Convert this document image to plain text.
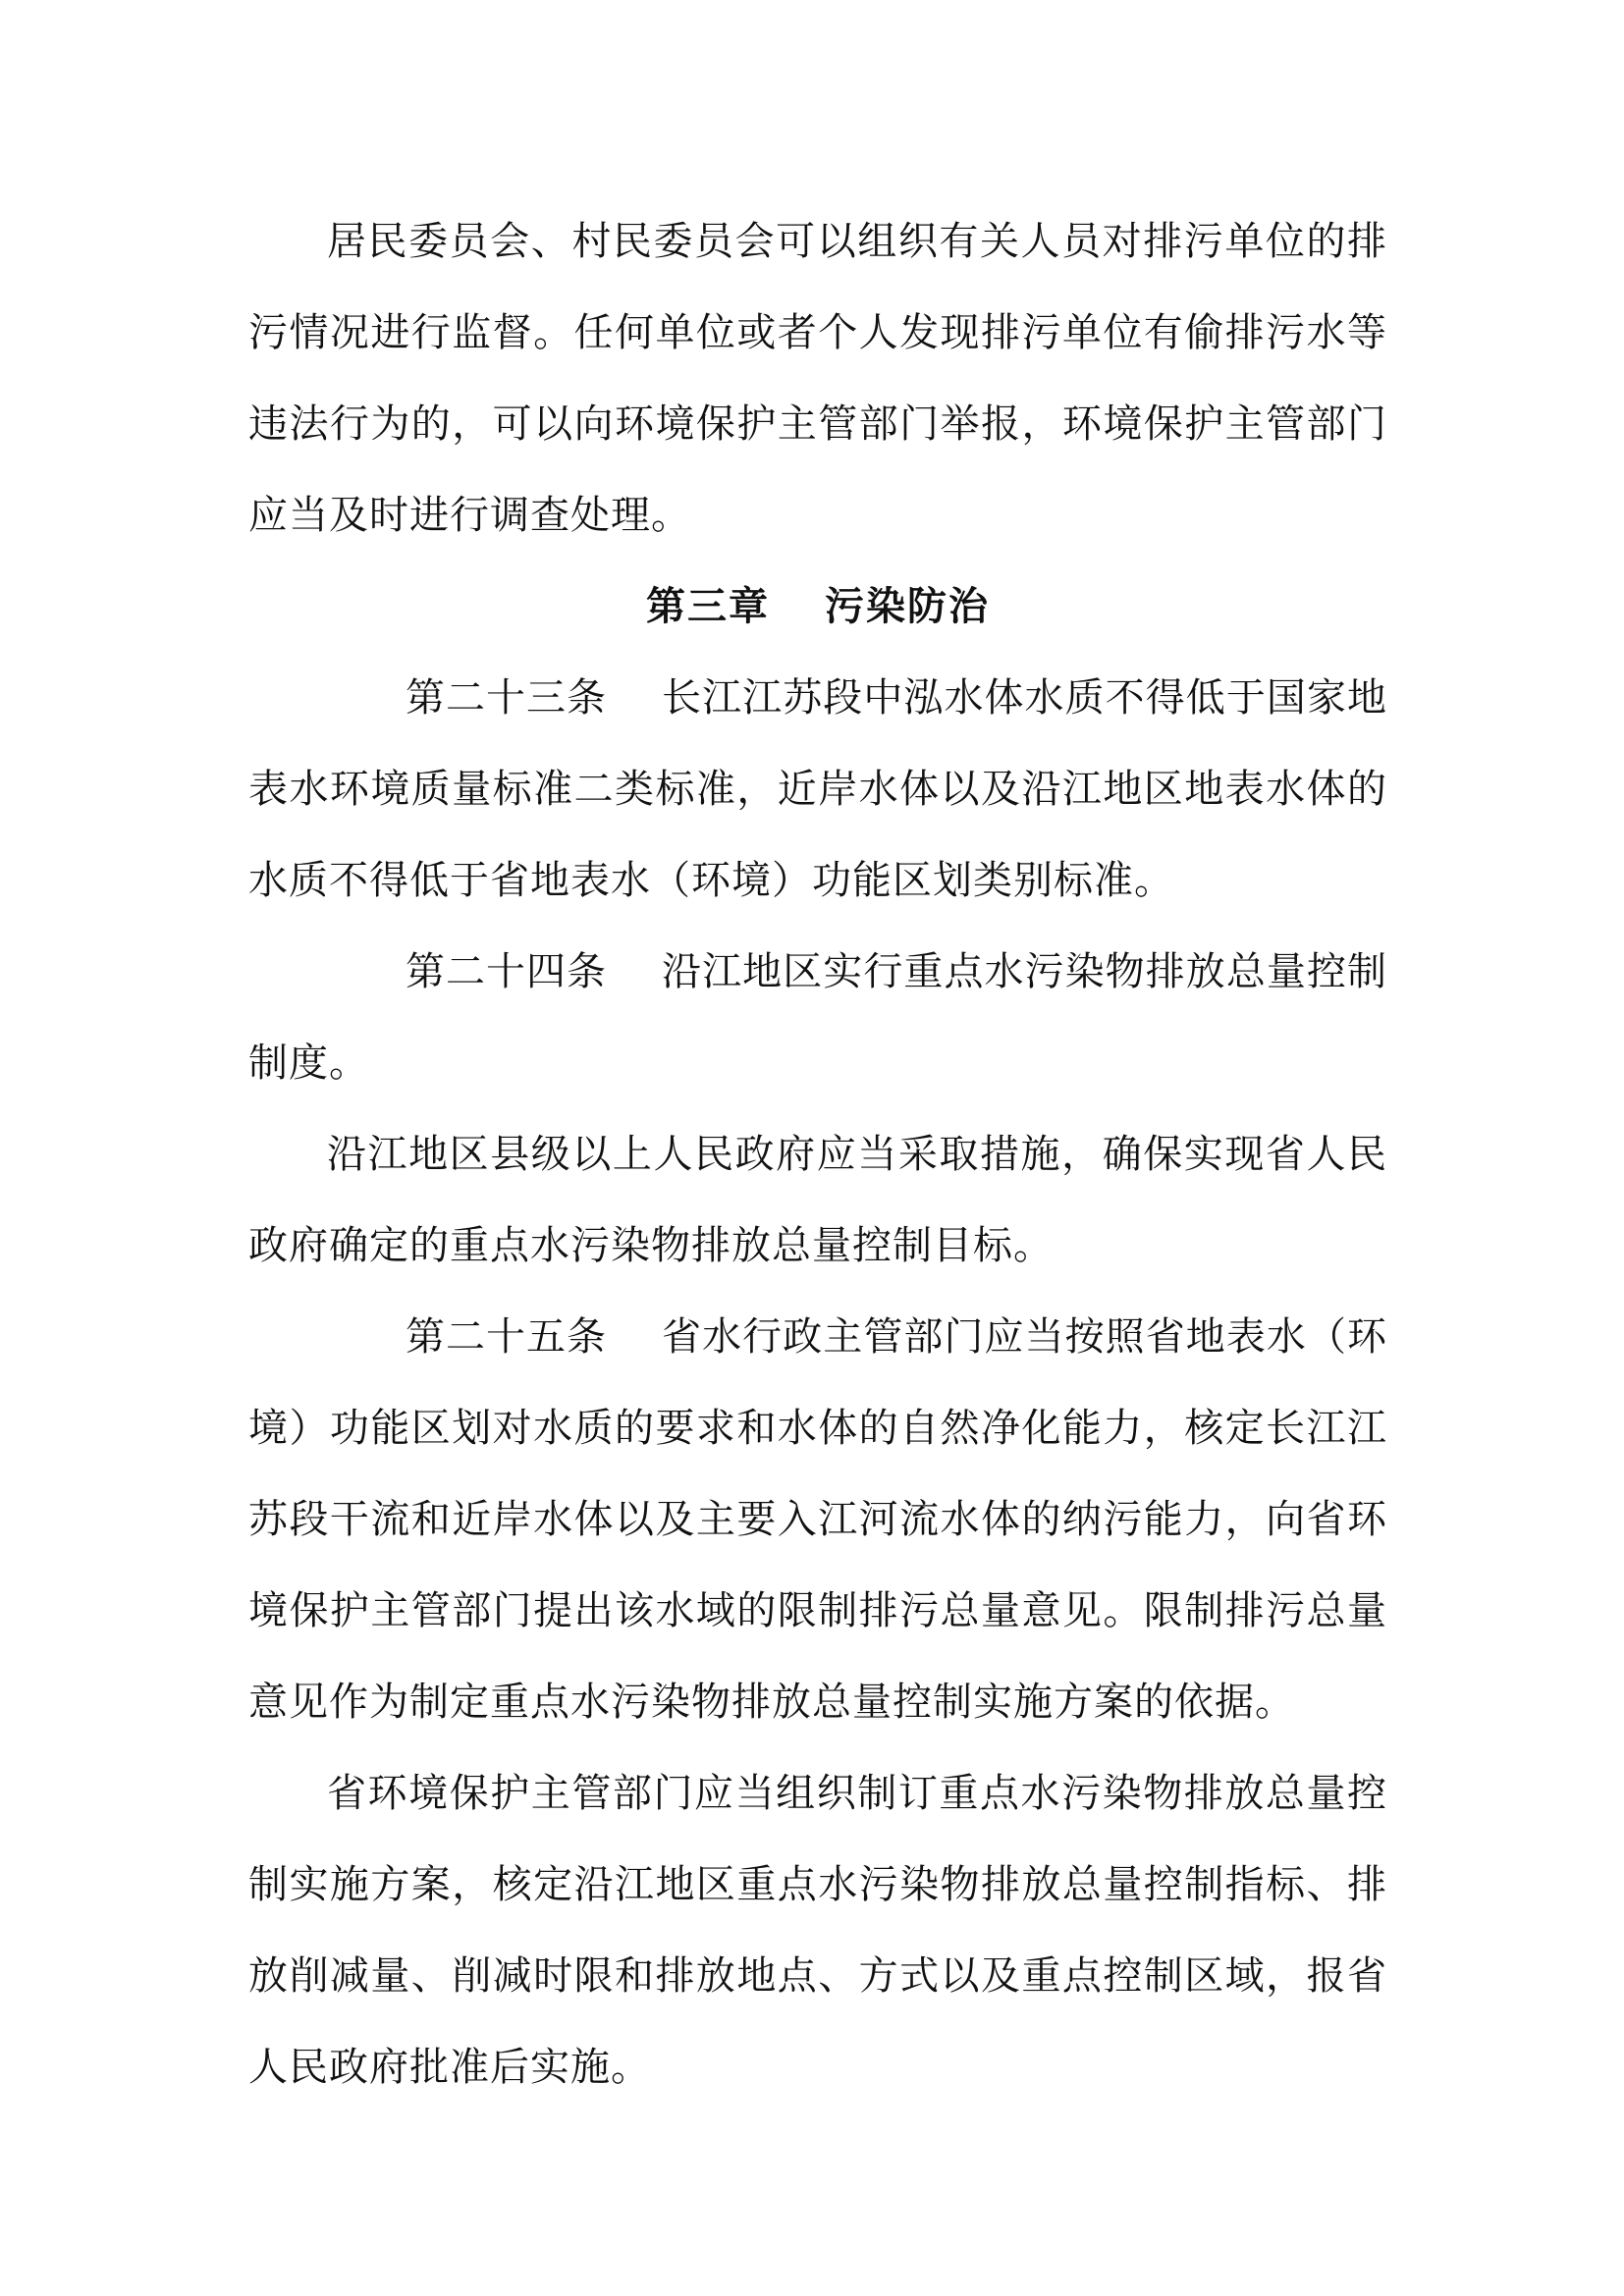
居民委员会、村民委员会可以组织有关人员对排污单位的排污情况进行监督。任何单位或者个人发现排污单位有偷排污水等违法行为的，可以向环境保护主管部门举报，环境保护主管部门应当及时进行调查处理。

第三章 污染防治

第二十三条 长江江苏段中泓水体水质不得低于国家地表水环境质量标准二类标准，近岸水体以及沿江地区地表水体的水质不得低于省地表水（环境）功能区划类别标准。

第二十四条 沿江地区实行重点水污染物排放总量控制制度。

沿江地区县级以上人民政府应当采取措施，确保实现省人民政府确定的重点水污染物排放总量控制目标。

第二十五条 省水行政主管部门应当按照省地表水（环境）功能区划对水质的要求和水体的自然净化能力，核定长江江苏段干流和近岸水体以及主要入江河流水体的纳污能力，向省环境保护主管部门提出该水域的限制排污总量意见。限制排污总量意见作为制定重点水污染物排放总量控制实施方案的依据。

省环境保护主管部门应当组织制订重点水污染物排放总量控制实施方案，核定沿江地区重点水污染物排放总量控制指标、排放削减量、削减时限和排放地点、方式以及重点控制区域，报省人民政府批准后实施。
